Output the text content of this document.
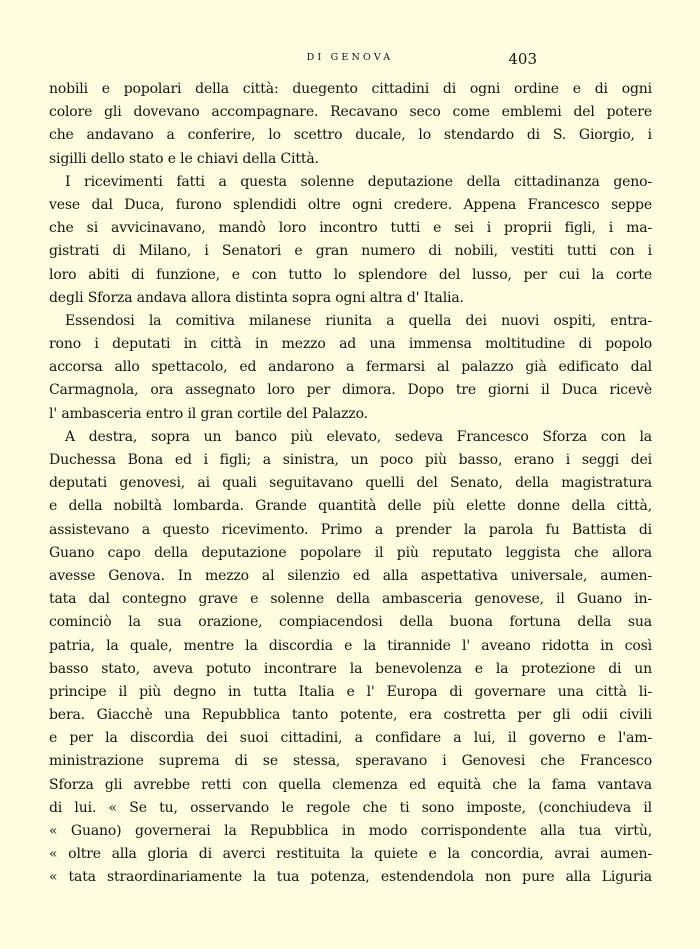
DI GENOVA	403
nobili e popolari della città: duegento cittadini di ogni ordine e di ogni
colore gli dovevano accompagnare. Recavano seco come emblemi del potere
che andavano a conferire, lo scettro ducale, lo stendardo di S. Giorgio, i
sigilli dello stato e le chiavi della Città.
I ricevimenti fatti a questa solenne deputazione della cittadinanza geno-
vese dal Duca, furono splendidi oltre ogni credere. Appena Francesco seppe
che si avvicinavano, mandò loro incontro tutti e sei i proprii figli, i ma-
gistrati di Milano, i Senatori e gran numero di nobili, vestiti tutti con i
loro abiti di funzione, e con tutto lo splendore del lusso, per cui la corte
degli Sforza andava allora distinta sopra ogni altra d' Italia.
Essendosi la comitiva milanese riunita a quella dei nuovi ospiti, entra-
rono i deputati in città in mezzo ad una immensa moltitudine di popolo
accorsa allo spettacolo, ed andarono a fermarsi al palazzo già edificato dal
Carmagnola, ora assegnato loro per dimora. Dopo tre giorni il Duca ricevè
l' ambasceria entro il gran cortile del Palazzo.
A destra, sopra un banco più elevato, sedeva Francesco Sforza con la
Duchessa Bona ed i figli; a sinistra, un poco più basso, erano i seggi dei
deputati genovesi, ai quali seguitavano quelli del Senato, della magistratura
e della nobiltà lombarda. Grande quantità delle più elette donne della città,
assistevano a questo ricevimento. Primo a prender la parola fu Battista di
Guano capo della deputazione popolare il più reputato leggista che allora
avesse Genova. In mezzo al silenzio ed alla aspettativa universale, aumen-
tata dal contegno grave e solenne della ambasceria genovese, il Guano in-
cominciò la sua orazione, compiacendosi della buona fortuna della sua
patria, la quale, mentre la discordia e la tirannide l' aveano ridotta in così
basso stato, aveva potuto incontrare la benevolenza e la protezione di un
principe il più degno in tutta Italia e l' Europa di governare una città li-
bera. Giacchè una Repubblica tanto potente, era costretta per gli odii civili
e per la discordia dei suoi cittadini, a confidare a lui, il governo e l'am-
ministrazione suprema di se stessa, speravano i Genovesi che Francesco
Sforza gli avrebbe retti con quella clemenza ed equità che la fama vantava
di lui. « Se tu, osservando le regole che ti sono imposte, (conchiudeva il
« Guano) governerai la Repubblica in modo corrispondente alla tua virtù,
« oltre alla gloria di averci restituita la quiete e la concordia, avrai aumen-
« tata straordinariamente la tua potenza, estendendola non pure alla Liguria
